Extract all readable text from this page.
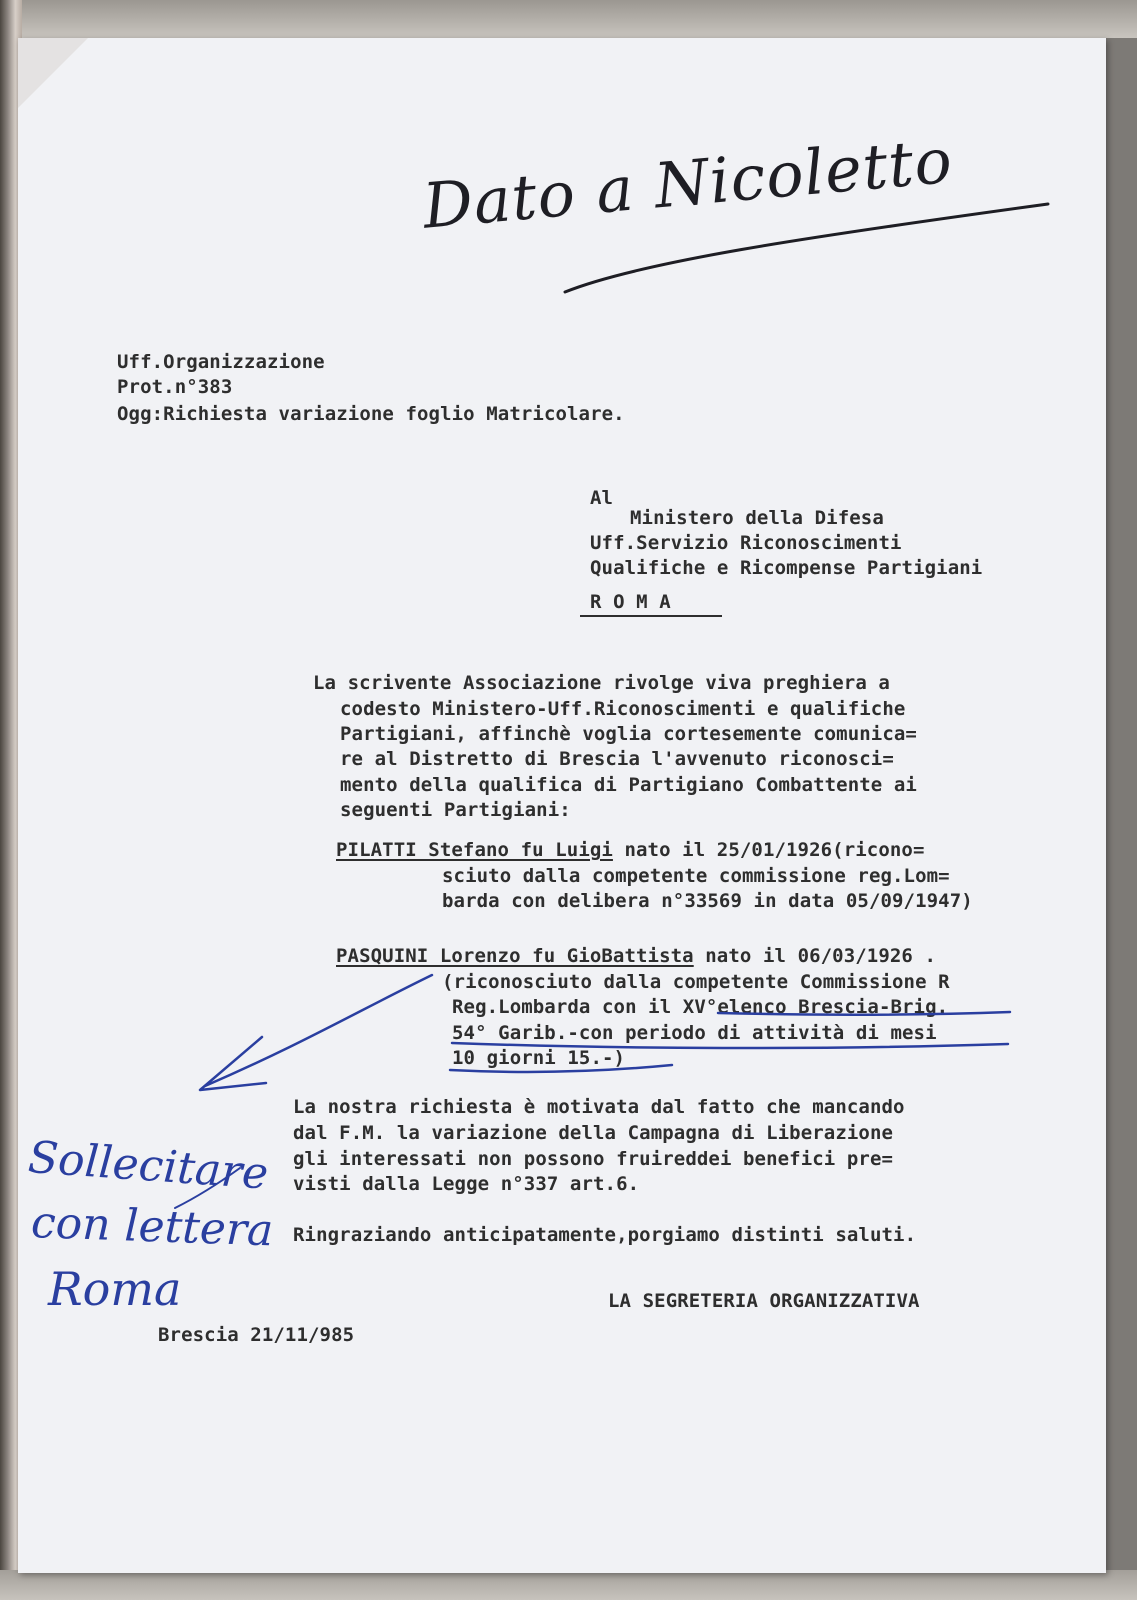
Dato a Nicoletto
Uff.Organizzazione
Prot.n°383
Ogg:Richiesta variazione foglio Matricolare.
Al
Ministero della Difesa
Uff.Servizio Riconoscimenti
Qualifiche e Ricompense Partigiani
R O M A
La scrivente Associazione rivolge viva preghiera a
codesto Ministero-Uff.Riconoscimenti e qualifiche
Partigiani, affinchè voglia cortesemente comunica=
re al Distretto di Brescia l'avvenuto riconosci=
mento della qualifica di Partigiano Combattente ai
seguenti Partigiani:
PILATTI Stefano fu Luigi nato il 25/01/1926(ricono=
sciuto dalla competente commissione reg.Lom=
barda con delibera n°33569 in data 05/09/1947)
PASQUINI Lorenzo fu GioBattista nato il 06/03/1926 .
(riconosciuto dalla competente Commissione R
Reg.Lombarda con il XV°elenco Brescia-Brig.
54° Garib.-con periodo di attività di mesi
10 giorni 15.-)
La nostra richiesta è motivata dal fatto che mancando
dal F.M. la variazione della Campagna di Liberazione
gli interessati non possono fruireddei benefici pre=
visti dalla Legge n°337 art.6.
Ringraziando anticipatamente,porgiamo distinti saluti.
LA SEGRETERIA ORGANIZZATIVA
Brescia 21/11/985
Sollecitare
con lettera
Roma
